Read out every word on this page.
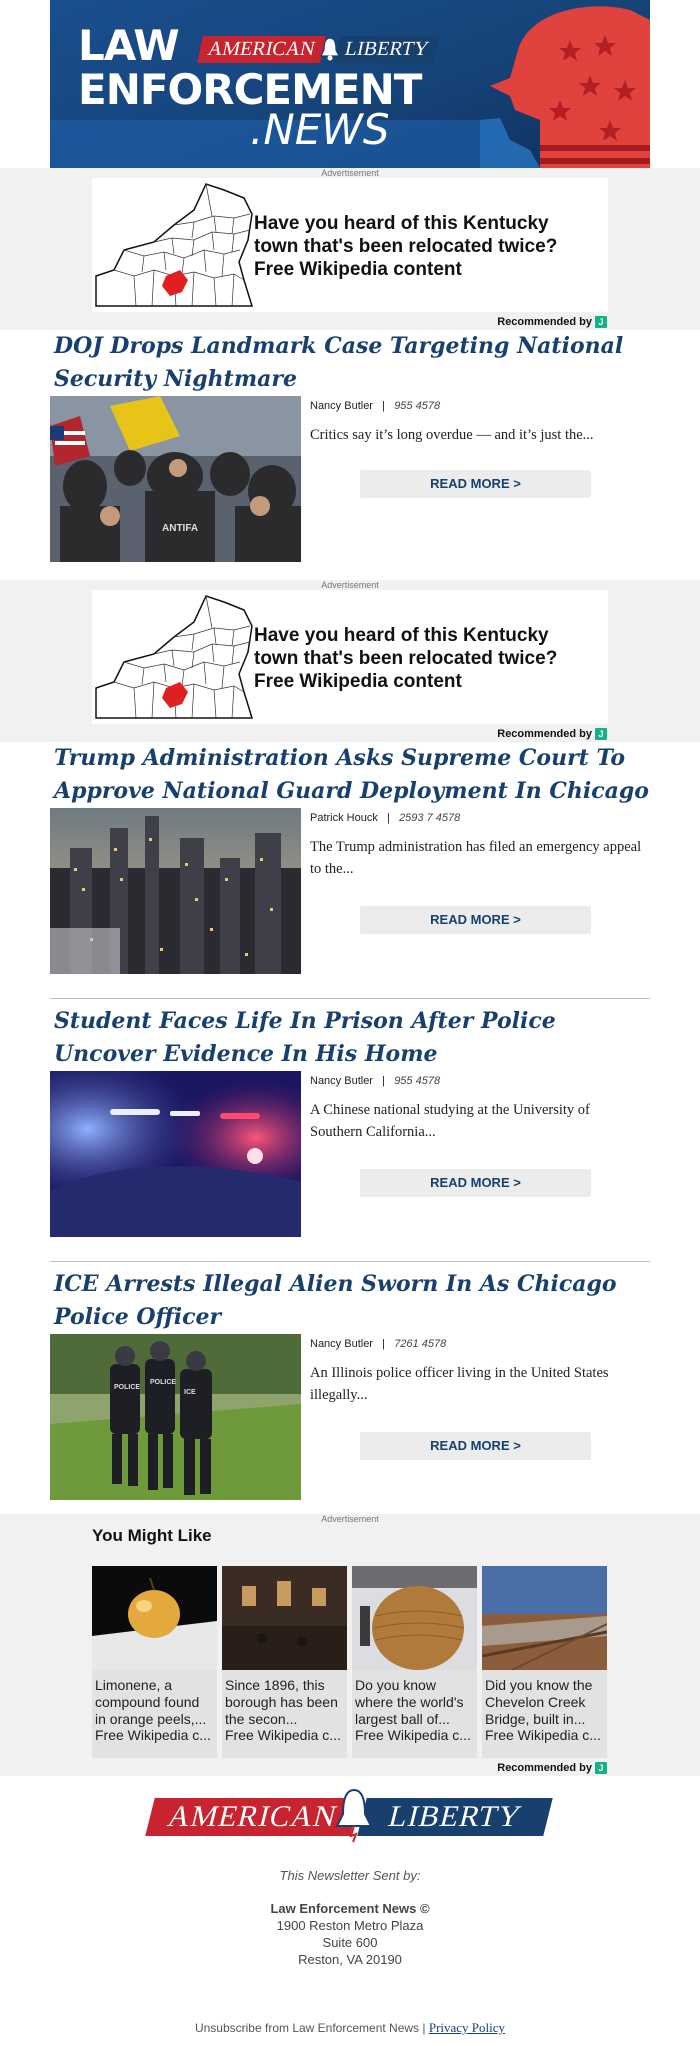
LAW
ENFORCEMENT
.NEWS
AMERICAN	LIBERTY
Advertisement
Have you heard of this Kentucky town that's been relocated twice? Free Wikipedia content
Recommended by J
DOJ Drops Landmark Case Targeting National Security Nightmare
ANTIFA
Nancy Butler   |   955 4578
Critics say it’s long overdue — and it’s just the...
READ MORE >
Advertisement
Have you heard of this Kentucky town that's been relocated twice? Free Wikipedia content
Recommended by J
Trump Administration Asks Supreme Court To Approve National Guard Deployment In Chicago
Patrick Houck   |   2593 7 4578
The Trump administration has filed an emergency appeal to the...
READ MORE >
Student Faces Life In Prison After Police Uncover Evidence In His Home
Nancy Butler   |   955 4578
A Chinese national studying at the University of Southern California...
READ MORE >
ICE Arrests Illegal Alien Sworn In As Chicago Police Officer
POLICE
POLICE
ICE
Nancy Butler   |   7261 4578
An Illinois police officer living in the United States illegally...
READ MORE >
Advertisement
You Might Like
Limonene, a compound found in orange peels,...
Free Wikipedia c...
Since 1896, this borough has been the secon...
Free Wikipedia c...
Do you know where the world's largest ball of...
Free Wikipedia c...
Did you know the Chevelon Creek Bridge, built in...
Free Wikipedia c...
Recommended by J
AMERICAN	LIBERTY
This Newsletter Sent by:
Law Enforcement News ©
1900 Reston Metro Plaza
Suite 600
Reston, VA 20190
Unsubscribe from Law Enforcement News | Privacy Policy
